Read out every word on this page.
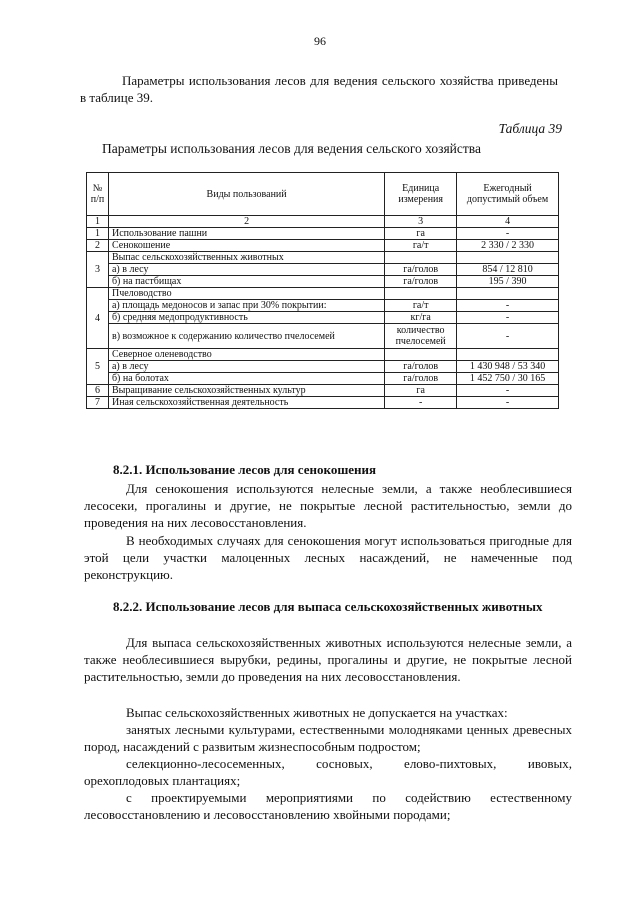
96
Параметры использования лесов для ведения сельского хозяйства приведены в таблице 39.
Таблица 39
Параметры использования лесов для ведения сельского хозяйства
№ п/п	Виды пользований	Единица измерения	Ежегодный допустимый объем
1	2	3	4
1	Использование пашни	га	-
2	Сенокошение	га/т	2 330 / 2 330
3	Выпас сельскохозяйственных животных		
	а) в лесу	га/голов	854 / 12 810
	б) на пастбищах	га/голов	195 / 390
4	Пчеловодство		
	а) площадь медоносов и запас при 30% покрытии:	га/т	-
	б) средняя медопродуктивность	кг/га	-
	в) возможное к содержанию количество пчелосемей	количество пчелосемей	-
5	Северное оленеводство		
	а) в лесу	га/голов	1 430 948 / 53 340
	б) на болотах	га/голов	1 452 750 / 30 165
6	Выращивание сельскохозяйственных культур	га	-
7	Иная сельскохозяйственная деятельность	-	-
8.2.1. Использование лесов для сенокошения
Для сенокошения используются нелесные земли, а также необлесившиеся лесосеки, прогалины и другие, не покрытые лесной растительностью, земли до проведения на них лесовосстановления.
В необходимых случаях для сенокошения могут использоваться пригодные для этой цели участки малоценных лесных насаждений, не намеченные под реконструкцию.
8.2.2. Использование лесов для выпаса сельскохозяйственных животных
Для выпаса сельскохозяйственных животных используются нелесные земли, а также необлесившиеся вырубки, редины, прогалины и другие, не покрытые лесной растительностью, земли до проведения на них лесовосстановления.
Выпас сельскохозяйственных животных не допускается на участках:
занятых лесными культурами, естественными молодняками ценных древесных пород, насаждений с развитым жизнеспособным подростом;
селекционно-лесосеменных, сосновых, елово-пихтовых, ивовых, орехоплодовых плантациях;
с проектируемыми мероприятиями по содействию естественному лесовосстановлению и лесовосстановлению хвойными породами;
